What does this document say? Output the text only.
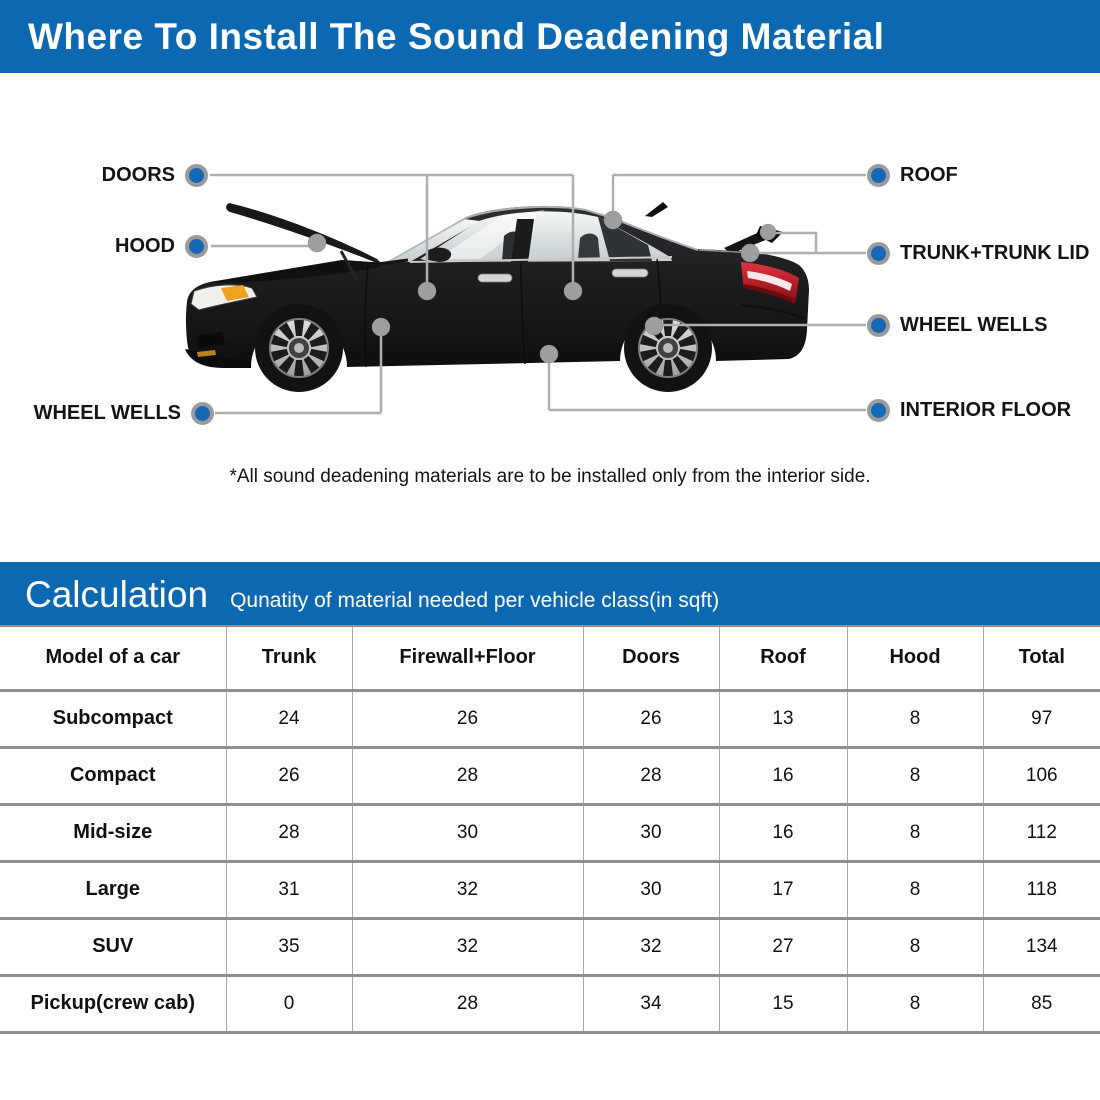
Where To Install The Sound Deadening Material
DOORS
HOOD
WHEEL WELLS
ROOF
TRUNK+TRUNK LID
WHEEL WELLS
INTERIOR FLOOR
*All sound deadening materials are to be installed only from the interior side.
Calculation Qunatity of material needed per vehicle class(in sqft)
Model of a car	Trunk	Firewall+Floor	Doors	Roof	Hood	Total
Subcompact	24	26	26	13	8	97
Compact	26	28	28	16	8	106
Mid-size	28	30	30	16	8	112
Large	31	32	30	17	8	118
SUV	35	32	32	27	8	134
Pickup(crew cab)	0	28	34	15	8	85
